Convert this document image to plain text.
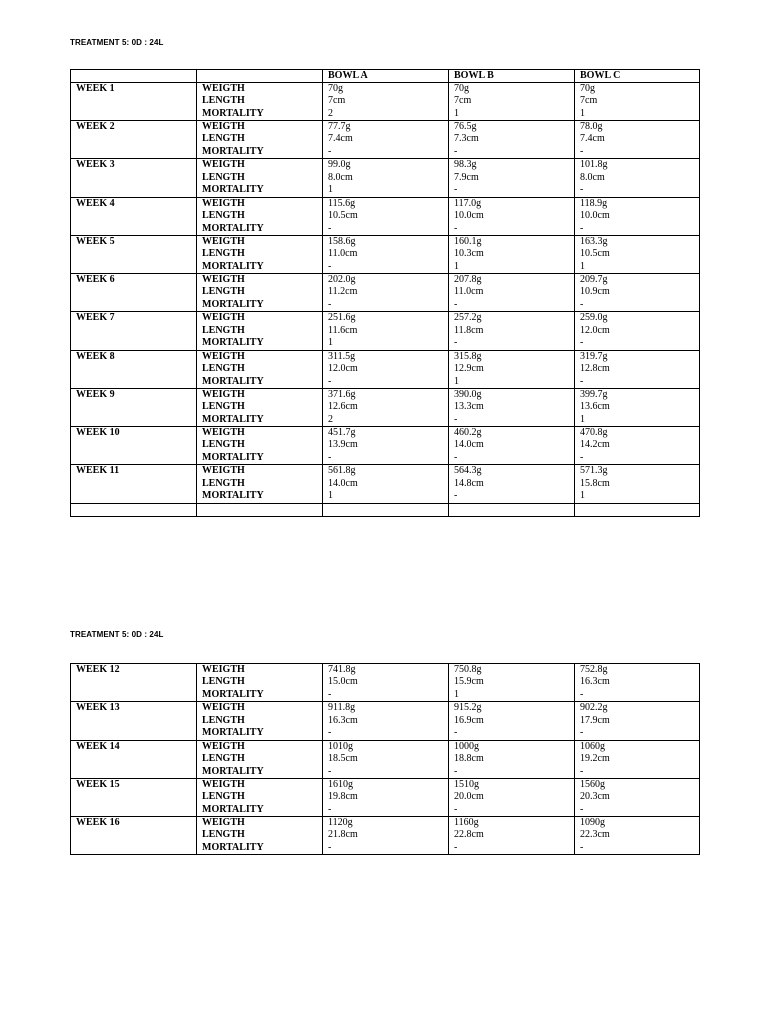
TREATMENT 5: 0D : 24L
		BOWL A	BOWL B	BOWL C
WEEK 1	WEIGTH	70g	70g	70g
	LENGTH	7cm	7cm	7cm
	MORTALITY	2	1	1
WEEK 2	WEIGTH	77.7g	76.5g	78.0g
	LENGTH	7.4cm	7.3cm	7.4cm
	MORTALITY	-	-	-
WEEK 3	WEIGTH	99.0g	98.3g	101.8g
	LENGTH	8.0cm	7.9cm	8.0cm
	MORTALITY	1	-	-
WEEK 4	WEIGTH	115.6g	117.0g	118.9g
	LENGTH	10.5cm	10.0cm	10.0cm
	MORTALITY	-	-	-
WEEK 5	WEIGTH	158.6g	160.1g	163.3g
	LENGTH	11.0cm	10.3cm	10.5cm
	MORTALITY	-	1	1
WEEK 6	WEIGTH	202.0g	207.8g	209.7g
	LENGTH	11.2cm	11.0cm	10.9cm
	MORTALITY	-	-	-
WEEK 7	WEIGTH	251.6g	257.2g	259.0g
	LENGTH	11.6cm	11.8cm	12.0cm
	MORTALITY	1	-	-
WEEK 8	WEIGTH	311.5g	315.8g	319.7g
	LENGTH	12.0cm	12.9cm	12.8cm
	MORTALITY	-	1	-
WEEK 9	WEIGTH	371.6g	390.0g	399.7g
	LENGTH	12.6cm	13.3cm	13.6cm
	MORTALITY	2	-	1
WEEK 10	WEIGTH	451.7g	460.2g	470.8g
	LENGTH	13.9cm	14.0cm	14.2cm
	MORTALITY	-	-	-
WEEK 11	WEIGTH	561.8g	564.3g	571.3g
	LENGTH	14.0cm	14.8cm	15.8cm
	MORTALITY	1	-	1

TREATMENT 5: 0D : 24L
WEEK 12	WEIGTH	741.8g	750.8g	752.8g
	LENGTH	15.0cm	15.9cm	16.3cm
	MORTALITY	-	1	-
WEEK 13	WEIGTH	911.8g	915.2g	902.2g
	LENGTH	16.3cm	16.9cm	17.9cm
	MORTALITY	-	-	-
WEEK 14	WEIGTH	1010g	1000g	1060g
	LENGTH	18.5cm	18.8cm	19.2cm
	MORTALITY	-	-	-
WEEK 15	WEIGTH	1610g	1510g	1560g
	LENGTH	19.8cm	20.0cm	20.3cm
	MORTALITY	-	-	-
WEEK 16	WEIGTH	1120g	1160g	1090g
	LENGTH	21.8cm	22.8cm	22.3cm
	MORTALITY	-	-	-
